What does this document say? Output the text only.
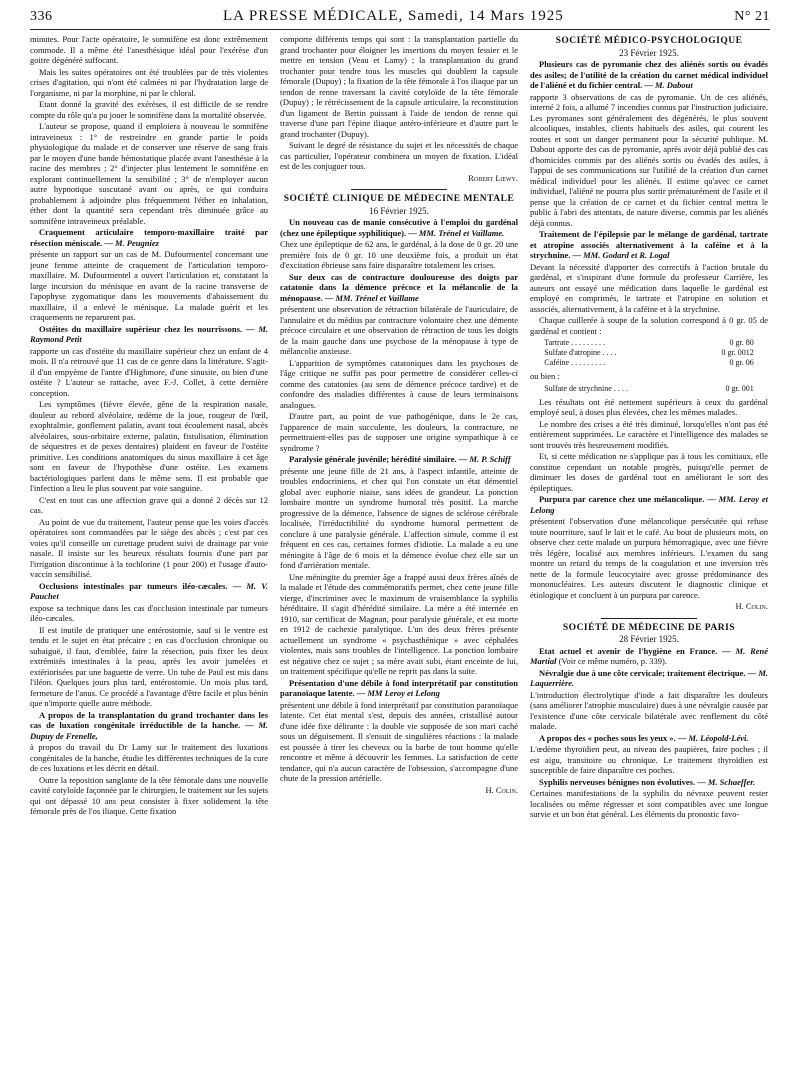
336	LA PRESSE MÉDICALE, Samedi, 14 Mars 1925	N° 21

minutes. Pour l'acte opératoire, le somnifène est donc extrêmement commode. Il a même été l'anesthésique idéal pour l'exérèse d'un goitre dégénéré suffocant.

Mais les suites opératoires ont été troublées par de très violentes crises d'agitation, qui n'ont été calmées ni par l'hydratation large de l'organisme, ni par la morphine, ni par le chloral.

Etant donné la gravité des exérèses, il est difficile de se rendre compte du rôle qu'a pu jouer le somnifène dans la mortalité observée.

L'auteur se propose, quand il emploiera à nouveau le somnifène intraveineux : 1° de restreindre en grande partie le poids physiologique du malade et de conserver une réserve de sang frais par le moyen d'une bande hémostatique placée avant l'anesthésie à la racine des membres ; 2° d'injecter plus lentement le somnifène en explorant continuellement la sensibilité ; 3° de n'employer aucun autre hypnotique suscutané avant ou après, ce qui conduira probablement à adjoindre plus fréquemment l'éther en inhalation, éther dont la quantité sera cependant très diminuée grâce au somnifène intraveineux préalable.

Craquement articulaire temporo-maxillaire traité par résection méniscale. — M. Peugniez

présente un rapport sur un cas de M. Dufourmentel concernant une jeune femme atteinte de craquement de l'articulation temporo-maxillaire. M. Dufourmentel a ouvert l'articulation et, constatant la large incursion du ménisque en avant de la racine transverse de l'apophyse zygomatique dans les mouvements d'abaissement du maxillaire, il a enlevé le ménisque. La malade guérit et les craquements ne reparurent pas.

Ostéites du maxillaire supérieur chez les nourrissons. — M. Raymond Petit

rapporte un cas d'ostéite du maxillaire supérieur chez un enfant de 4 mois. Il n'a retrouvé que 11 cas de ce genre dans la littérature. S'agit-il d'un empyème de l'antre d'Highmore, d'une sinusite, ou bien d'une ostéite ? L'auteur se rattache, avec F.-J. Collet, à cette dernière conception.

Les symptômes (fièvre élevée, gêne de la respiration nasale, douleur au rebord alvéolaire, œdème de la joue, rougeur de l'œil, exophtalmie, gonflement palatin, avant tout écoulement nasal, abcès alvéolaires, sous-orbitaire externe, palatin, fistulisation, élimination de séquestres et de pexes dentaires) plaident en faveur de l'ostéite primitive. Les conditions anatomiques du sinus maxillaire à cet âge sont en faveur de l'hypothèse d'une ostéite. Les examens bactériologiques parlent dans le même sens. Il est probable que l'infection a lieu le plus souvent par voie sanguine.

C'est en tout cas une affection grave qui a donné 2 décès sur 12 cas.

Au point de vue du traitement, l'auteur pense que les voies d'accès opératoires sont commandées par le siège des abcès ; c'est par ces voies qu'il conseille un curettage prudent suivi de drainage par voie nasale. Il insiste sur les heureux résultats fournis d'une part par l'irrigation discontinue à la tochlorine (1 pour 200) et l'usage d'auto-vaccin sensibilisé.

Occlusions intestinales par tumeurs iléo-cæcales. — M. V. Pauchet

expose sa technique dans les cas d'occlusion intestinale par tumeurs iléo-cæcales.

Il est inutile de pratiquer une entérostomie, sauf si le ventre est tendu et le sujet en état précaire ; en cas d'occlusion chronique ou subaiguë, il faut, d'emblée, faire la résection, puis fixer les deux extrémités intestinales à la peau, après les avoir jumelées et extériorisées par une baguette de verre. Un tube de Paul est mis dans l'iléon. Quelques jours plus tard, entérostomie. Un mois plus tard, fermeture de l'anus. Ce procédé a l'avantage d'être facile et plus bénin que n'importe quelle autre méthode.

A propos de la transplantation du grand trochanter dans les cas de luxation congénitale irréductible de la hanche. — M. Dupuy de Frenelle,

à propos du travail du Dr Lamy sur le traitement des luxations congénitales de la hanche, étudie les différentes techniques de la cure de ces luxations et les décrit en détail.

Outre la reposition sanglante de la tête fémorale dans une nouvelle cavité cotyloïde façonnée par le chirurgien, le traitement sur les sujets qui ont dépassé 10 ans peut consister à fixer solidement la tête fémorale près de l'os iliaque. Cette fixation

comporte différents temps qui sont : la transplantation partielle du grand trochanter pour éloigner les insertions du moyen fessier et le mettre en tension (Veau et Lamy) ; la transplantation du grand trochanter pour tendre tous les muscles qui doublent la capsule fémorale (Dupuy) ; la fixation de la tête fémorale à l'os iliaque par un tendon de renne traversant la cavité cotyloïde de la tête fémorale (Dupuy) ; le rétrécissement de la capsule articulaire, la reconstitution d'un ligament de Bertin puissant à l'aide de tendon de renne qui traverse d'une part l'épine iliaque antéro-inférieure et d'autre part le grand trochanter (Dupuy).

Suivant le degré de résistance du sujet et les nécessités de chaque cas particulier, l'opérateur combinera un moyen de fixation. L'idéal est de les conjuguer tous.

Robert Lœwy.

SOCIÉTÉ CLINIQUE DE MÉDECINE MENTALE

16 Février 1925.

Un nouveau cas de manie consécutive à l'emploi du gardénal (chez une épileptique syphilitique). — MM. Trénel et Vaillame.

Chez une épileptique de 62 ans, le gardénal, à la dose de 0 gr. 20 une première fois de 0 gr. 10 une deuxième fois, a produit un état d'excitation ébrieuse sans faire disparaître totalement les crises.

Sur deux cas de contracture douloureuse des doigts par catatonie dans la démence précoce et la mélancolie de la ménopause. — MM. Trénel et Vaillame

présentent une observation de rétraction bilatérale de l'auriculaire, de l'annulaire et du médius par contracture volontaire chez une démente précoce circulaire et une observation de rétraction de tous les doigts de la main gauche dans une psychose de la ménopause à type de mélancolie anxieuse.

L'apparition de symptômes catatoniques dans les psychoses de l'âge critique ne suffit pas pour permettre de considérer celles-ci comme des catatonies (au sens de démence précoce tardive) et de confondre des maladies différentes à cause de leurs terminaisons analogues.

D'autre part, au point de vue pathogénique, dans le 2e cas, l'apparence de main succulente, les douleurs, la contracture, ne permettraient-elles pas de supposer une origine sympathique à ce syndrome ?

Paralysie générale juvénile; hérédité similaire. — M. P. Schiff

présente une jeune fille de 21 ans, à l'aspect infantile, atteinte de troubles endocriniens, et chez qui l'on constate un état démentiel global avec euphorie niaise, sans idées de grandeur. La ponction lombaire montre un syndrome humoral très positif. La marche progressive de la démence, l'absence de signes de sclérose cérébrale localisée, l'irréductibilité du syndrome humoral permettent de conclure à une paralysie générale. L'affection simule, comme il est fréquent en ces cas, certaines formes d'idiotie. La malade a eu une méningite à l'âge de 6 mois et la démence évolue chez elle sur un fond d'arriération mentale.

Une méningite du premier âge a frappé aussi deux frères aînés de la malade et l'étude des commémoratifs permet, chez cette jeune fille vierge, d'incriminer avec le maximum de vraisemblance la syphilis héréditaire. Il s'agit d'hérédité similaire. La mère a été internée en 1910, sur certificat de Magnan, pour paralysie générale, et est morte en 1912 de cachexie paralytique. L'un des deux frères présente actuellement un syndrome « psychasthénique » avec céphalées violentes, mais sans troubles de l'intelligence. La ponction lombaire est négative chez ce sujet ; sa mère avait subi, étant enceinte de lui, un traitement spécifique qu'elle ne reprit pas dans la suite.

Présentation d'une débile à fond interprétatif par constitution paranoïaque latente. — MM Leroy et Lelong

présentent une débile à fond interprétatif par constitution paranoïaque latente. Cet état mental s'est, depuis des années, cristallisé autour d'une idée fixe délirante : la double vie supposée de son mari caché sous un déguisement. Il s'ensuit de singulières réactions : la malade est poussée à tirer les cheveux ou la barbe de tout homme qu'elle rencontre et même à découvrir les femmes. La satisfaction de cette tendance, qui n'a aucun caractère de l'obsession, s'accompagne d'une chute de la pression artérielle.

H. Colin.

SOCIÉTÉ MÉDICO-PSYCHOLOGIQUE

23 Février 1925.

Plusieurs cas de pyromanie chez des aliénés sortis ou évadés des asiles; de l'utilité de la création du carnet médical individuel de l'aliéné et du fichier central. — M. Dabout

rapporte 3 observations de cas de pyromanie. Un de ces aliénés, interné 2 fois, a allumé 7 incendies connus par l'instruction judiciaire. Les pyromanes sont généralement des dégénérés, le plus souvent alcooliques, instables, clients habituels des asiles, qui courent les routes et sont un danger permanent pour la sécurité publique. M. Dabout apporte des cas de pyromanie, après avoir déjà publié des cas d'homicides commis par des aliénés sortis ou évadés des asiles, à l'appui de ses communications sur l'utilité de la création d'un carnet médical individuel pour les aliénés. Il estime qu'avec ce carnet individuel, l'aliéné ne pourra plus sortir prématurément de l'asile et il pense que la création de ce carnet et du fichier central mettra le public à l'abri des attentats, de nature diverse, commis par les aliénés déjà connus.

Traitement de l'épilepsie par le mélange de gardénal, tartrate et atropine associés alternativement à la caféine et à la strychnine. — MM. Godard et R. Logal

Devant la nécessité d'apporter des correctifs à l'action brutale du gardénal, et s'inspirant d'une formule du professeur Carrière, les auteurs ont essayé une médication dans laquelle le gardénal est employé en comprimés, le tartrate et l'atropine en solution et associés, alternativement, à la caféine et à la strychnine.

Chaque cuillerée à soupe de la solution correspond à 0 gr. 05 de gardénal et contient :

Tartrate . . . . . . . . .	0 gr. 80
Sulfate d'atropine . . . .	0 gr. 0012
Caféine . . . . . . . . .	0 gr. 06

ou bien :

Sulfate de strychnine . . . .	0 gr. 001

Les résultats ont été nettement supérieurs à ceux du gardénal employé seul, à doses plus élevées, chez les mêmes malades.

Le nombre des crises a été très diminué, lorsqu'elles n'ont pas été entièrement supprimées. Le caractère et l'intelligence des malades se sont trouvés très heureusement modifiés.

Et, si cette médication ne s'applique pas à tous les comitiaux, elle constitue cependant un notable progrès, puisqu'elle permet de diminuer les doses de gardénal tout en améliorant le sort des épileptiques.

Purpura par carence chez une mélancolique. — MM. Leroy et Lelong

présentent l'observation d'une mélancolique persécutée qui refuse toute nourriture, sauf le lait et le café. Au bout de plusieurs mois, on observe chez cette malade un purpura hémorragique, avec une fièvre très légère, localisé aux membres inférieurs. L'examen du sang montre un retard du temps de la coagulation et une inversion très nette de la formule leucocytaire avec grosse prédominance des mononucléaires. Les auteurs discutent le diagnostic clinique et étiologique et concluent à un purpura par carence.

H. Colin.

SOCIÉTÉ DE MÉDECINE DE PARIS

28 Février 1925.

Etat actuel et avenir de l'hygiène en France. — M. René Martial (Voir ce même numéro, p. 339).

Névralgie due à une côte cervicale; traitement électrique. — M. Laquerrière.

L'introduction électrolytique d'iode a fait disparaître les douleurs (sans améliorer l'atrophie musculaire) dues à une névralgie causée par l'existence d'une côte cervicale bilatérale avec renflement du côté malade.

A propos des « poches sous les yeux ». — M. Léopold-Lévi.

L'œdème thyroïdien peut, au niveau des paupières, faire poches ; il est aigu, transitoire ou chronique. Le traitement thyroïdien est susceptible de faire disparaître ces poches.

Syphilis nerveuses bénignes non évolutives. — M. Schaeffer.

Certaines manifestations de la syphilis du névraxe peuvent rester localisées ou même régresser et sont compatibles avec une longue survie et un bon état général. Les éléments du pronostic favo-
